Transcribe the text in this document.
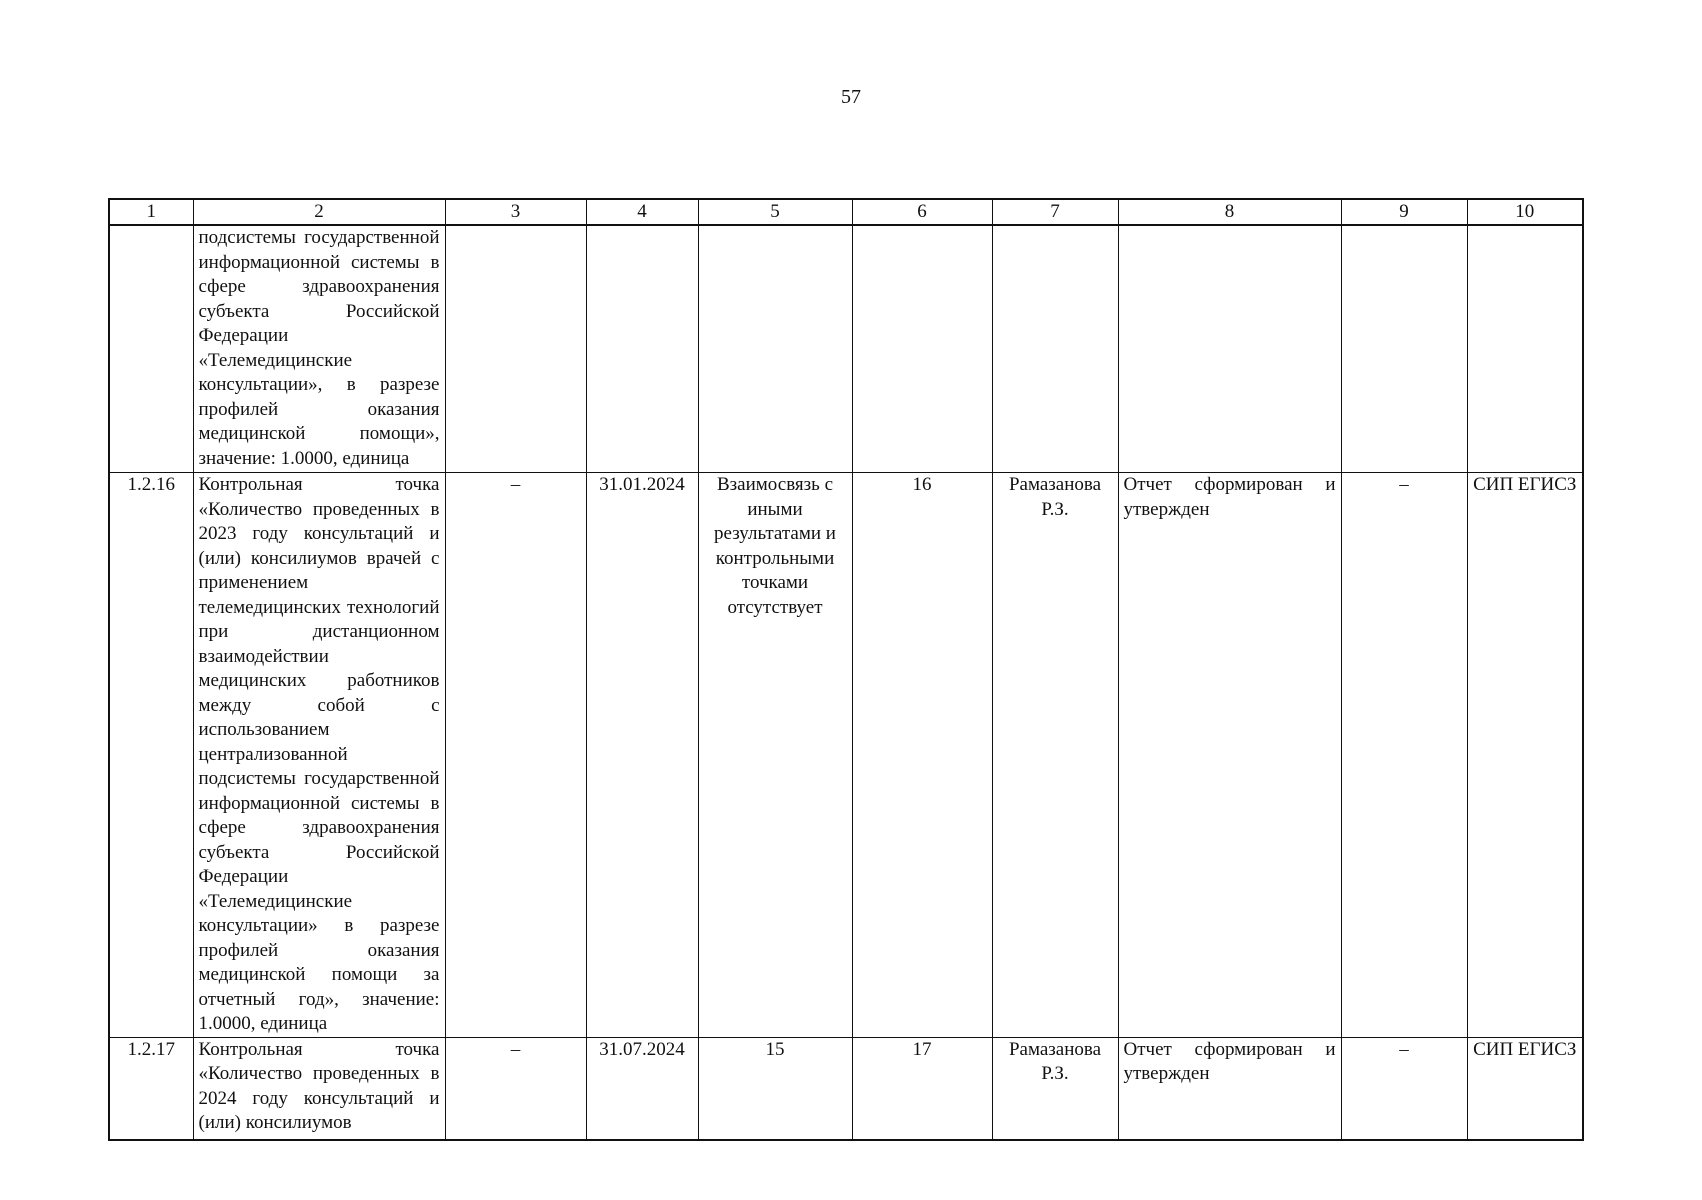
57
1	2	3	4	5	6	7	8	9	10
	подсистемы государственной информационной системы в сфере здравоохранения субъекта Российской Федерации «Телемедицинские консультации», в разрезе профилей оказания медицинской помощи», значение: 1.0000, единица								
1.2.16	Контрольная точка «Количество проведенных в 2023 году консультаций и (или) консилиумов врачей с применением телемедицинских технологий при дистанционном взаимодействии медицинских работников между собой с использованием централизованной подсистемы государственной информационной системы в сфере здравоохранения субъекта Российской Федерации «Телемедицинские консультации» в разрезе профилей оказания медицинской помощи за отчетный год», значение: 1.0000, единица	–	31.01.2024	Взаимосвязь с иными результатами и контрольными точками отсутствует	16	Рамазанова Р.З.	Отчет сформирован и утвержден	–	СИП ЕГИСЗ
1.2.17	Контрольная точка «Количество проведенных в 2024 году консультаций и (или) консилиумов	–	31.07.2024	15	17	Рамазанова Р.З.	Отчет сформирован и утвержден	–	СИП ЕГИСЗ
